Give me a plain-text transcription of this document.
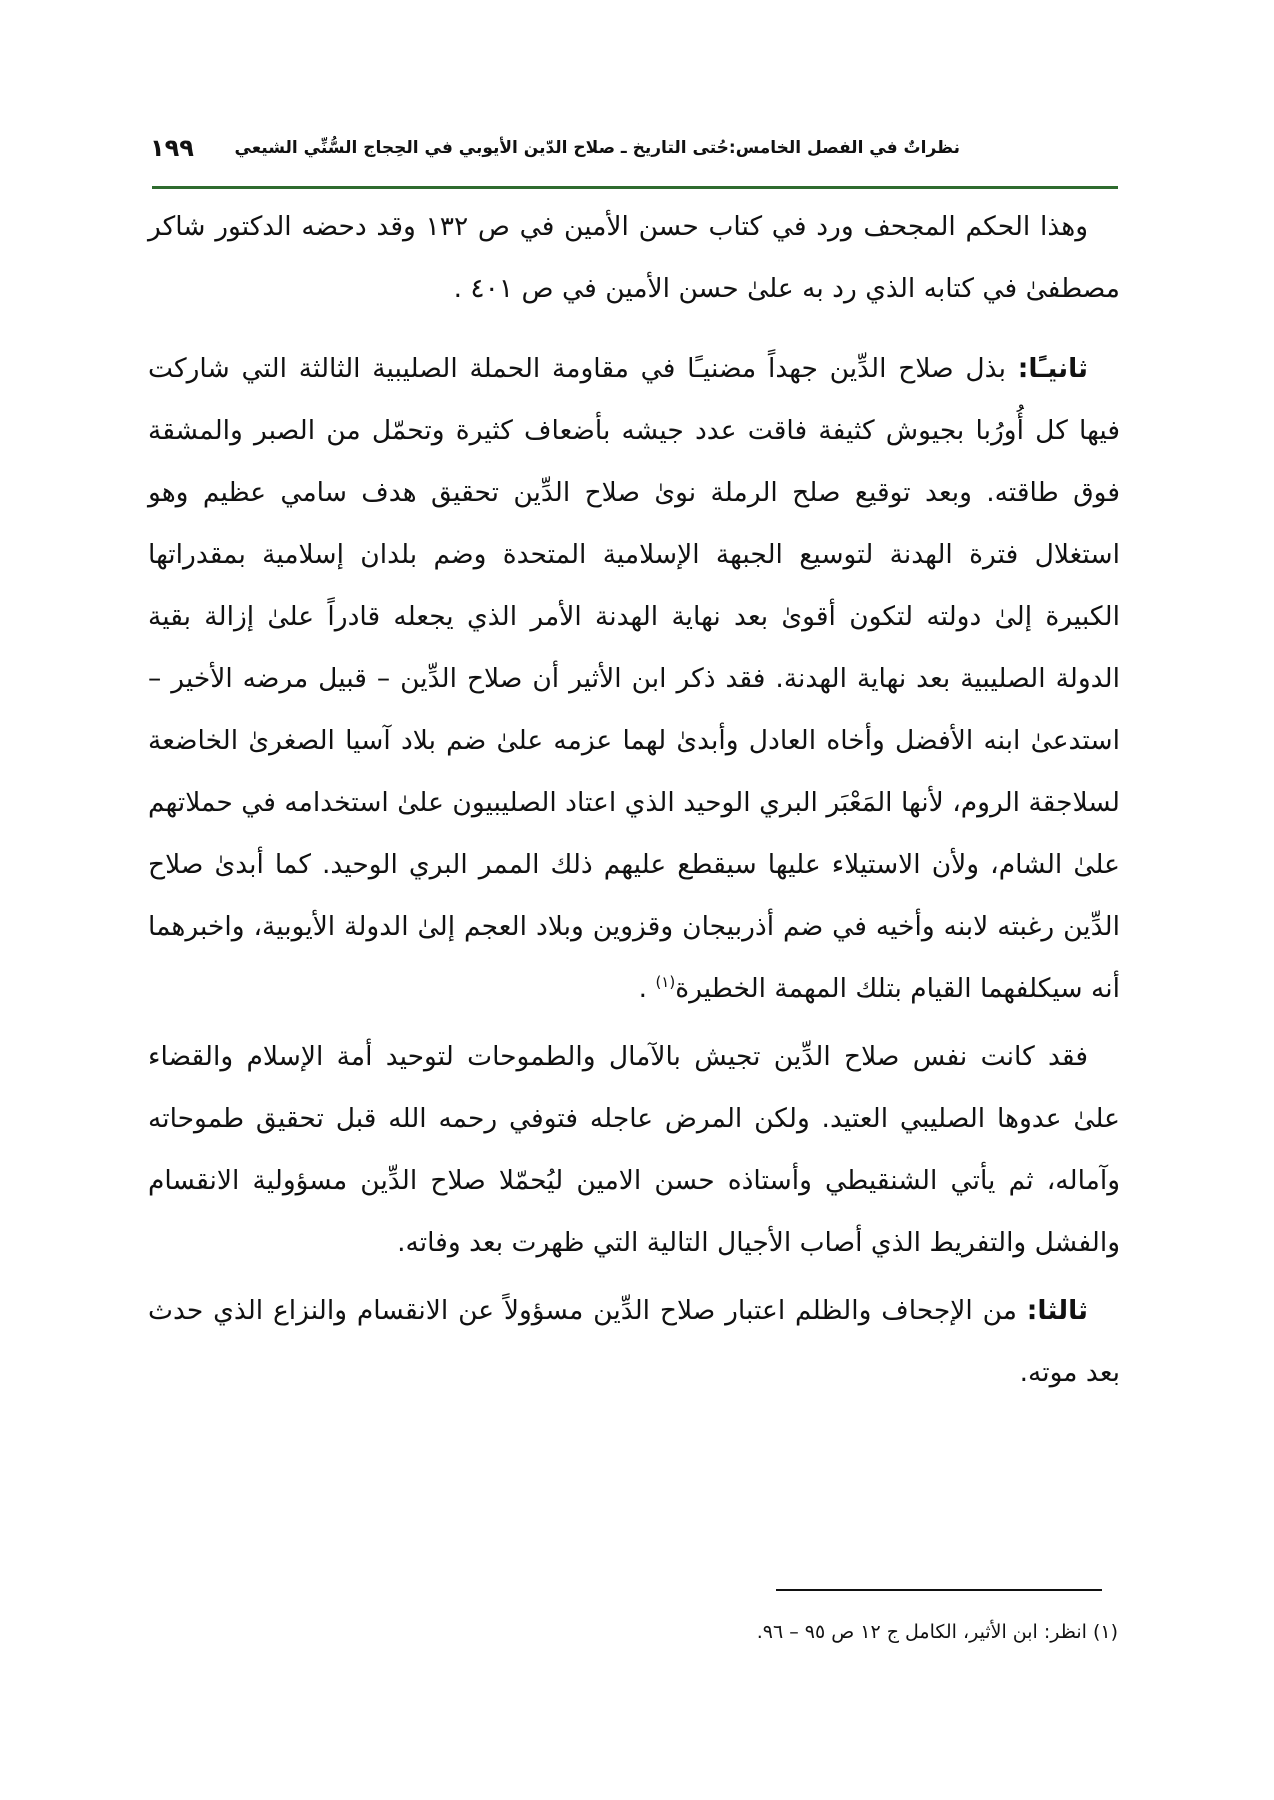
نظراتٌ في الفصل الخامس:حُتى التاريخ ـ صلاح الدّين الأيوبي في الحِجاج السُّنِّي الشيعي
١٩٩

وهذا الحكم المجحف ورد في كتاب حسن الأمين في ص ١٣٢ وقد دحضه الدكتور شاكر مصطفىٰ في كتابه الذي رد به علىٰ حسن الأمين في ص ٤٠١ .

ثانيـًا: بذل صلاح الدِّين جهداً مضنيـًا في مقاومة الحملة الصليبية الثالثة التي شاركت فيها كل أُورُبا بجيوش كثيفة فاقت عدد جيشه بأضعاف كثيرة وتحمّل من الصبر والمشقة فوق طاقته. وبعد توقيع صلح الرملة نوىٰ صلاح الدِّين تحقيق هدف سامي عظيم وهو استغلال فترة الهدنة لتوسيع الجبهة الإسلامية المتحدة وضم بلدان إسلامية بمقدراتها الكبيرة إلىٰ دولته لتكون أقوىٰ بعد نهاية الهدنة الأمر الذي يجعله قادراً علىٰ إزالة بقية الدولة الصليبية بعد نهاية الهدنة. فقد ذكر ابن الأثير أن صلاح الدِّين – قبيل مرضه الأخير – استدعىٰ ابنه الأفضل وأخاه العادل وأبدىٰ لهما عزمه علىٰ ضم بلاد آسيا الصغرىٰ الخاضعة لسلاجقة الروم، لأنها المَعْبَر البري الوحيد الذي اعتاد الصليبيون علىٰ استخدامه في حملاتهم علىٰ الشام، ولأن الاستيلاء عليها سيقطع عليهم ذلك الممر البري الوحيد. كما أبدىٰ صلاح الدِّين رغبته لابنه وأخيه في ضم أذربيجان وقزوين وبلاد العجم إلىٰ الدولة الأيوبية، واخبرهما أنه سيكلفهما القيام بتلك المهمة الخطيرة$^{(١)}$ .

فقد كانت نفس صلاح الدِّين تجيش بالآمال والطموحات لتوحيد أمة الإسلام والقضاء علىٰ عدوها الصليبي العتيد. ولكن المرض عاجله فتوفي رحمه الله قبل تحقيق طموحاته وآماله، ثم يأتي الشنقيطي وأستاذه حسن الامين ليُحمّلا صلاح الدِّين مسؤولية الانقسام والفشل والتفريط الذي أصاب الأجيال التالية التي ظهرت بعد وفاته.

ثالثا: من الإجحاف والظلم اعتبار صلاح الدِّين مسؤولاً عن الانقسام والنزاع الذي حدث بعد موته.

(١) انظر: ابن الأثير، الكامل ج ١٢ ص ٩٥ – ٩٦.
